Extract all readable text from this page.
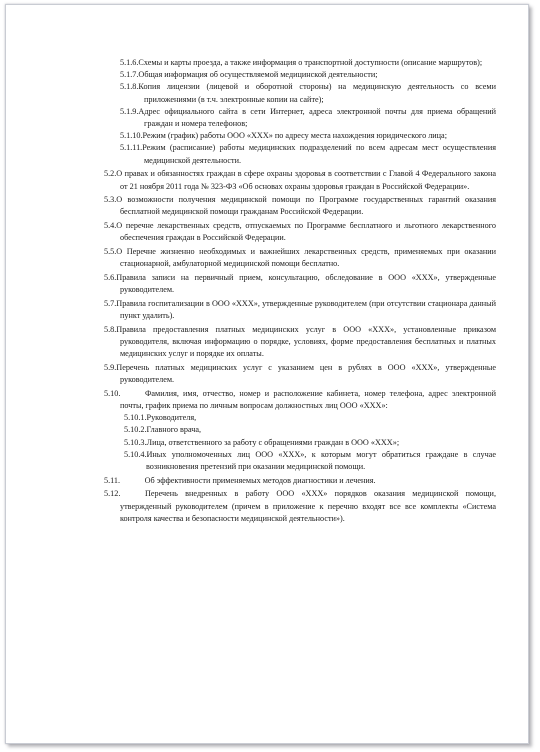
5.1.6.Схемы и карты проезда, а также информация о транспортной доступности (описание маршрутов);

5.1.7.Общая информация об осуществляемой медицинской деятельности;

5.1.8.Копия лицензии (лицевой и оборотной стороны) на медицинскую деятельность со всеми приложениями (в т.ч. электронные копии на сайте);

5.1.9.Адрес официального сайта в сети Интернет, адреса электронной почты для приема обращений граждан и номера телефонов;

5.1.10.Режим (график) работы ООО «ХХХ» по адресу места нахождения юридического лица;

5.1.11.Режим (расписание) работы медицинских подразделений по всем адресам мест осуществления медицинской деятельности.

5.2.О правах и обязанностях граждан в сфере охраны здоровья в соответствии с Главой 4 Федерального закона от 21 ноября 2011 года № 323-ФЗ «Об основах охраны здоровья граждан в Российской Федерации».

5.3.О возможности получения медицинской помощи по Программе государственных гарантий оказания бесплатной медицинской помощи гражданам Российской Федерации.

5.4.О перечне лекарственных средств, отпускаемых по Программе бесплатного и льготного лекарственного обеспечения граждан в Российской Федерации.

5.5.О Перечне жизненно необходимых и важнейших лекарственных средств, применяемых при оказании стационарной, амбулаторной медицинской помощи бесплатно.

5.6.Правила записи на первичный прием, консультацию, обследование в ООО «ХХХ», утвержденные руководителем.

5.7.Правила госпитализации в ООО «ХХХ», утвержденные руководителем (при отсутствии стационара данный пункт удалить).

5.8.Правила предоставления платных медицинских услуг в ООО «ХХХ», установленные приказом руководителя, включая информацию о порядке, условиях, форме предоставления бесплатных и платных медицинских услуг и порядке их оплаты.

5.9.Перечень платных медицинских услуг с указанием цен в рублях в ООО «ХХХ», утвержденные руководителем.

5.10.   	Фамилия, имя, отчество, номер и расположение кабинета, номер телефона, адрес электронной почты, график приема по личным вопросам должностных лиц ООО «ХХХ»:

5.10.1.Руководителя,

5.10.2.Главного врача,

5.10.3.Лица, ответственного за работу с обращениями граждан в ООО «ХХХ»;

5.10.4.Иных уполномоченных лиц ООО «ХХХ», к которым могут обратиться граждане в случае возникновения претензий при оказании медицинской помощи.

5.11.   	Об эффективности применяемых методов диагностики и лечения.

5.12.   	Перечень внедренных в работу ООО «ХХХ» порядков оказания медицинской помощи, утвержденный руководителем (причем в приложение к перечню входят все все комплекты «Система контроля качества и безопасности медицинской деятельности»).
